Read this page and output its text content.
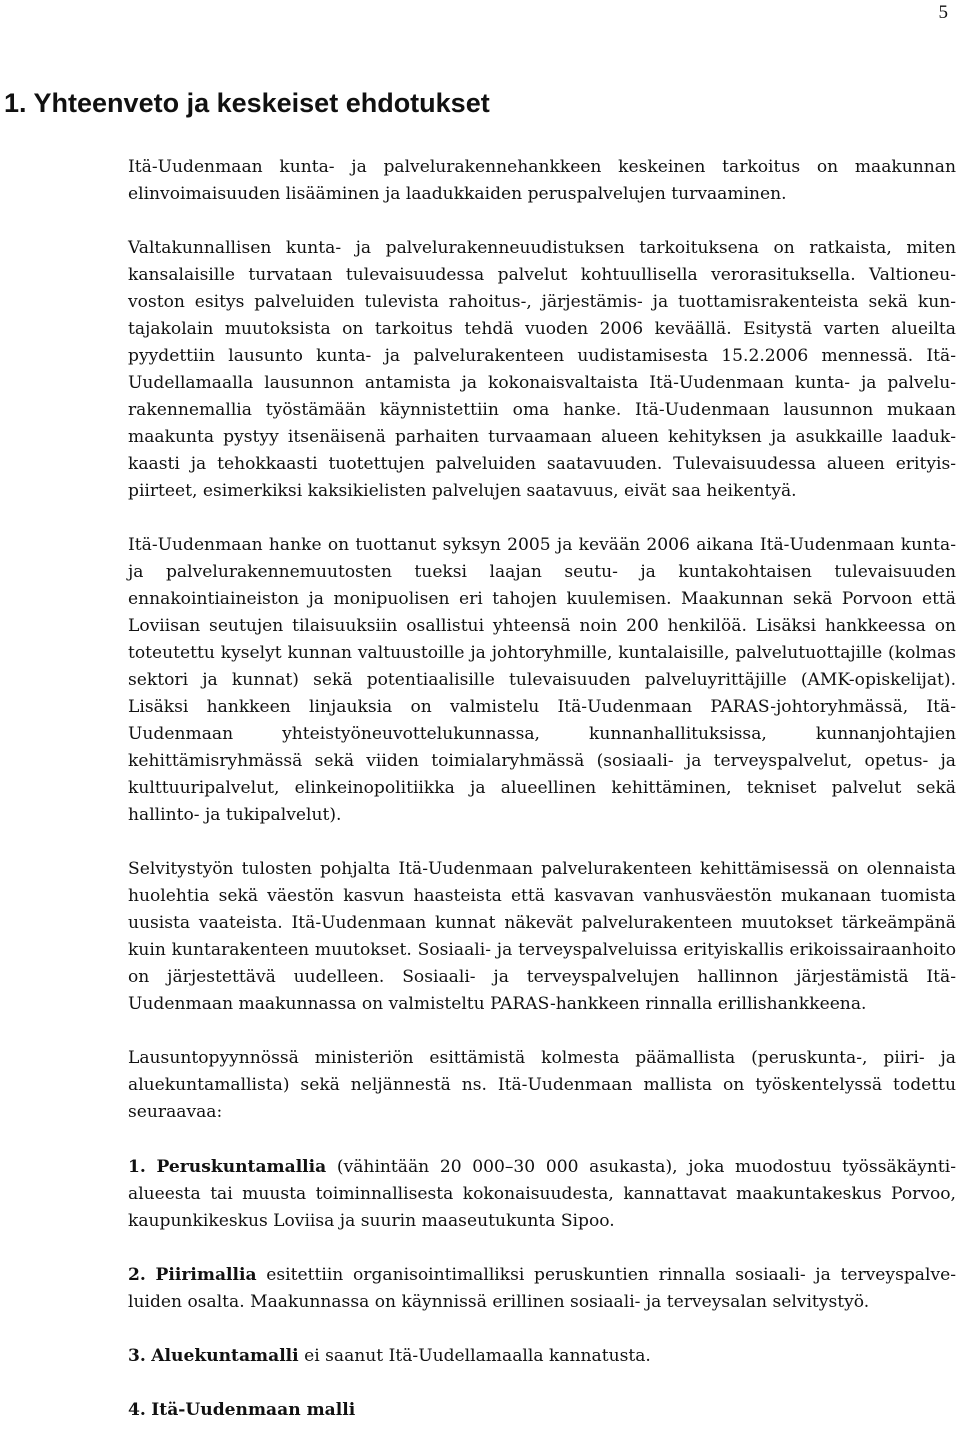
5
1. Yhteenveto ja keskeiset ehdotukset

Itä-Uudenmaan kunta- ja palvelurakennehankkeen keskeinen tarkoitus on maakunnan elinvoimaisuuden lisääminen ja laadukkaiden peruspalvelujen turvaaminen.

Valtakunnallisen kunta- ja palvelurakenneuudistuksen tarkoituksena on ratkaista, miten kansalaisille turvataan tulevaisuudessa palvelut kohtuullisella verorasituksella. Valtioneuvoston esitys palveluiden tulevista rahoitus-, järjestämis- ja tuottamisrakenteista sekä kuntajakolain muutoksista on tarkoitus tehdä vuoden 2006 keväällä. Esitystä varten alueilta pyydettiin lausunto kunta- ja palvelurakenteen uudistamisesta 15.2.2006 mennessä. Itä-Uudellamaalla lausunnon antamista ja kokonaisvaltaista Itä-Uudenmaan kunta- ja palvelurakennemallia työstämään käynnistettiin oma hanke. Itä-Uudenmaan lausunnon mukaan maakunta pystyy itsenäisenä parhaiten turvaamaan alueen kehityksen ja asukkaille laadukkaasti ja tehokkaasti tuotettujen palveluiden saatavuuden. Tulevaisuudessa alueen erityispiirteet, esimerkiksi kaksikielisten palvelujen saatavuus, eivät saa heikentyä.

Itä-Uudenmaan hanke on tuottanut syksyn 2005 ja kevään 2006 aikana Itä-Uudenmaan kunta- ja palvelurakennemuutosten tueksi laajan seutu- ja kuntakohtaisen tulevaisuuden ennakointiaineiston ja monipuolisen eri tahojen kuulemisen. Maakunnan sekä Porvoon että Loviisan seutujen tilaisuuksiin osallistui yhteensä noin 200 henkilöä. Lisäksi hankkeessa on toteutettu kyselyt kunnan valtuustoille ja johtoryhmille, kuntalaisille, palvelutuottajille (kolmas sektori ja kunnat) sekä potentiaalisille tulevaisuuden palveluyrittäjille (AMK-opiskelijat). Lisäksi hankkeen linjauksia on valmistelu Itä-Uudenmaan PARAS-johtoryhmässä, Itä-Uudenmaan yhteistyöneuvottelukunnassa, kunnanhallituksissa, kunnanjohtajien kehittämisryhmässä sekä viiden toimialaryhmässä (sosiaali- ja terveyspalvelut, opetus- ja kulttuuripalvelut, elinkeinopolitiikka ja alueellinen kehittäminen, tekniset palvelut sekä hallinto- ja tukipalvelut).

Selvitystyön tulosten pohjalta Itä-Uudenmaan palvelurakenteen kehittämisessä on olennaista huolehtia sekä väestön kasvun haasteista että kasvavan vanhusväestön mukanaan tuomista uusista vaateista. Itä-Uudenmaan kunnat näkevät palvelurakenteen muutokset tärkeämpänä kuin kuntarakenteen muutokset. Sosiaali- ja terveyspalveluissa erityiskallis erikoissairaanhoito on järjestettävä uudelleen. Sosiaali- ja terveyspalvelujen hallinnon järjestämistä Itä-Uudenmaan maakunnassa on valmisteltu PARAS-hankkeen rinnalla erillishankkeena.

Lausuntopyynnössä ministeriön esittämistä kolmesta päämallista (peruskunta-, piiri- ja aluekuntamallista) sekä neljännestä ns. Itä-Uudenmaan mallista on työskentelyssä todettu seuraavaa:

1. Peruskuntamallia (vähintään 20 000–30 000 asukasta), joka muodostuu työssäkäyntialueesta tai muusta toiminnallisesta kokonaisuudesta, kannattavat maakuntakeskus Porvoo, kaupunkikeskus Loviisa ja suurin maaseutukunta Sipoo.

2. Piirimallia esitettiin organisointimalliksi peruskuntien rinnalla sosiaali- ja terveyspalveluiden osalta. Maakunnassa on käynnissä erillinen sosiaali- ja terveysalan selvitystyö.

3. Aluekuntamalli ei saanut Itä-Uudellamaalla kannatusta.

4. Itä-Uudenmaan malli
